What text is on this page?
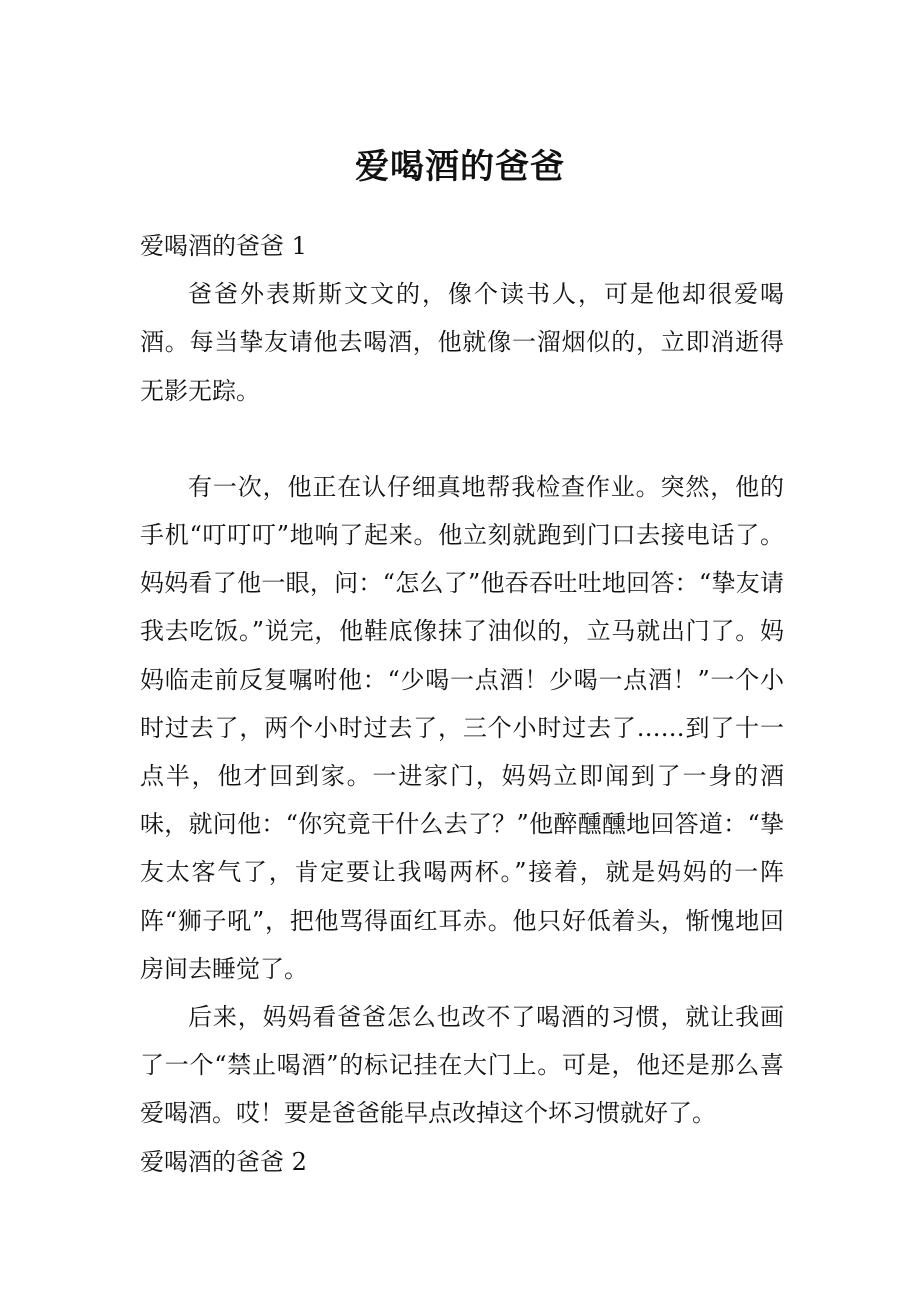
爱喝酒的爸爸

爱喝酒的爸爸 1

爸爸外表斯斯文文的，像个读书人，可是他却很爱喝酒。每当挚友请他去喝酒，他就像一溜烟似的，立即消逝得无影无踪。

有一次，他正在认仔细真地帮我检查作业。突然，他的手机“叮叮叮”地响了起来。他立刻就跑到门口去接电话了。妈妈看了他一眼，问：“怎么了”他吞吞吐吐地回答：“挚友请我去吃饭。”说完，他鞋底像抹了油似的，立马就出门了。妈妈临走前反复嘱咐他：“少喝一点酒！少喝一点酒！”一个小时过去了，两个小时过去了，三个小时过去了……到了十一点半，他才回到家。一进家门，妈妈立即闻到了一身的酒味，就问他：“你究竟干什么去了？”他醉醺醺地回答道：“挚友太客气了，肯定要让我喝两杯。”接着，就是妈妈的一阵阵“狮子吼”，把他骂得面红耳赤。他只好低着头，惭愧地回房间去睡觉了。

后来，妈妈看爸爸怎么也改不了喝酒的习惯，就让我画了一个“禁止喝酒”的标记挂在大门上。可是，他还是那么喜爱喝酒。哎！要是爸爸能早点改掉这个坏习惯就好了。

爱喝酒的爸爸 2
